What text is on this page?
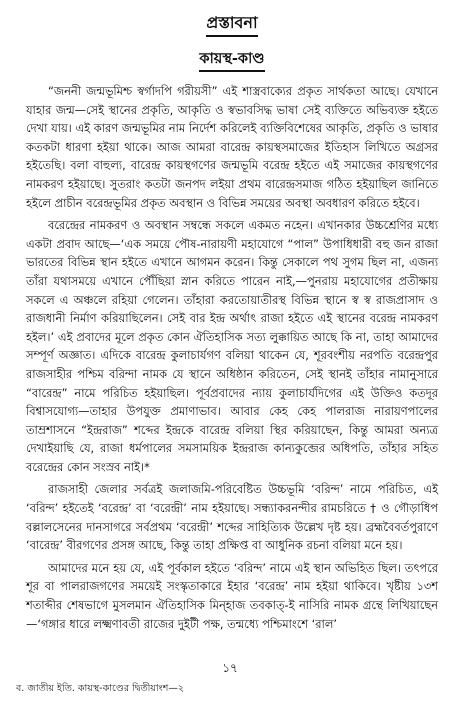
প্রস্তাবনা
কায়স্থ-কাণ্ড

“জননী জন্মভূমিশ্চ স্বর্গাদপি গরীয়সী” এই শাস্ত্রবাক্যের প্রকৃত সার্থকতা আছে। যেখানে যাহার জন্ম—সেই স্থানের প্রকৃতি, আকৃতি ও স্বভাবসিদ্ধ ভাষা সেই ব্যক্তিতে অভিব্যক্ত হইতে দেখা যায়। এই কারণ জন্মভূমির নাম নির্দেশ করিলেই ব্যক্তিবিশেষের আকৃতি, প্রকৃতি ও ভাষার কতকটা ধারণা হইয়া থাকে। আজ আমরা বারেন্দ্র কায়স্থসমাজের ইতিহাস লিখিতে অগ্রসর হইতেছি। বলা বাহুল্য, বারেন্দ্র কায়স্থগণের জন্মভূমি বরেন্দ্র হইতে এই সমাজের কায়স্থগণের নামকরণ হইয়াছে। সুতরাং কতটা জনপদ লইয়া প্রথম বারেন্দ্রসমাজ গঠিত হইয়াছিল জানিতে হইলে প্রাচীন বরেন্দ্রভূমির প্রকৃত অবস্থান ও বিভিন্ন সময়ের অবস্থা অবধারণ করিতে হইবে।

বরেন্দ্রের নামকরণ ও অবস্থান সম্বন্ধে সকলে একমত নহেন। এখানকার উচ্চশ্রেণির মধ্যে একটা প্রবাদ আছে—‘এক সময়ে পৌষ-নারায়ণী মহাযোগে “পাল” উপাধিধারী বহু জন রাজা ভারতের বিভিন্ন স্থান হইতে এখানে আগমন করেন। কিন্তু সেকালে পথ সুগম ছিল না, এজন্য তাঁরা যথাসময়ে এখানে পৌঁছিয়া স্নান করিতে পারেন নাই,—পুনরায় মহাযোগের প্রতীক্ষায় সকলে এ অঞ্চলে রহিয়া গেলেন। তাঁহারা করতোয়াতীরস্থ বিভিন্ন স্থানে স্ব স্ব রাজপ্রাসাদ ও রাজধানী নির্মাণ করিয়াছিলেন। সেই বার ইন্দ্র অর্থাৎ রাজা হইতে এই স্থানের বরেন্দ্র নামকরণ হইল।’ এই প্রবাদের মূলে প্রকৃত কোন ঐতিহাসিক সত্য লুক্কায়িত আছে কি না, তাহা আমাদের সম্পূর্ণ অজ্ঞাত। এদিকে বারেন্দ্র কুলাচার্যগণ বলিয়া থাকেন যে, শূরবংশীয় নরপতি বরেন্দ্রপুর রাজসাহীর পশ্চিম বরিন্দা নামক যে স্থানে অধিষ্ঠান করিতেন, সেই স্থানই তাঁহার নামানুসারে “বারেন্দ্র” নামে পরিচিত হইয়াছিল। পূর্বপ্রবাদের ন্যায় কুলাচার্যদিগের এই উক্তিও কতদূর বিশ্বাসযোগ্য—তাহার উপযুক্ত প্রমাণাভাব। আবার কেহ কেহ পালরাজ নারায়ণপালের তাম্রশাসনে “ইন্দ্ররাজ” শব্দের ইন্দ্রকে বারেন্দ্র বলিয়া স্থির করিয়াছেন, কিন্তু আমরা অন্যত্র দেখাইয়াছি যে, রাজা ধর্মপালের সমসাময়িক ইন্দ্ররাজ কান্যকুব্জের অধিপতি, তাঁহার সহিত বরেন্দ্রের কোন সংস্রব নাই।*

রাজসাহী জেলার সর্বত্রই জলাজমি-পরিবেষ্টিত উচ্চভূমি ‘বরিন্দ’ নামে পরিচিত, এই ‘বরিন্দ’ হইতেই ‘বরেন্দ্র’ বা ‘বরেন্দ্রী’ নাম হইয়াছে। সন্ধ্যাকরনন্দীর রামচরিতে † ও গৌড়াধিপ বল্লালসেনের দানসাগরে সর্বপ্রথম ‘বরেন্দ্রী’ শব্দের সাহিত্যিক উল্লেখ দৃষ্ট হয়। ব্রহ্মবৈবর্তপুরাণে ‘বারেন্দ্র’ বীরগণের প্রসঙ্গ আছে, কিন্তু তাহা প্রক্ষিপ্ত বা আধুনিক রচনা বলিয়া মনে হয়।

আমাদের মনে হয় যে, এই পূর্বকাল হইতে ‘বরিন্দ’ নামে এই স্থান অভিহিত ছিল। তৎপরে শূর বা পালরাজগণের সময়েই সংস্কৃতাকারে ইহার ‘বরেন্দ্র’ নাম হইয়া থাকিবে। খৃষ্টীয় ১৩শ শতাব্দীর শেষভাগে মুসলমান ঐতিহাসিক মিন্হাজ তবকাত্‌-ই নাসিরি নামক গ্রন্থে লিখিয়াছেন—‘গঙ্গার ধারে লক্ষ্মণাবতী রাজের দুইটী পক্ষ, তন্মধ্যে পশ্চিমাংশে ‘রাল’

১৭
ব. জাতীয় ইতি. কায়স্থ-কাণ্ডের দ্বিতীয়াংশ—২
